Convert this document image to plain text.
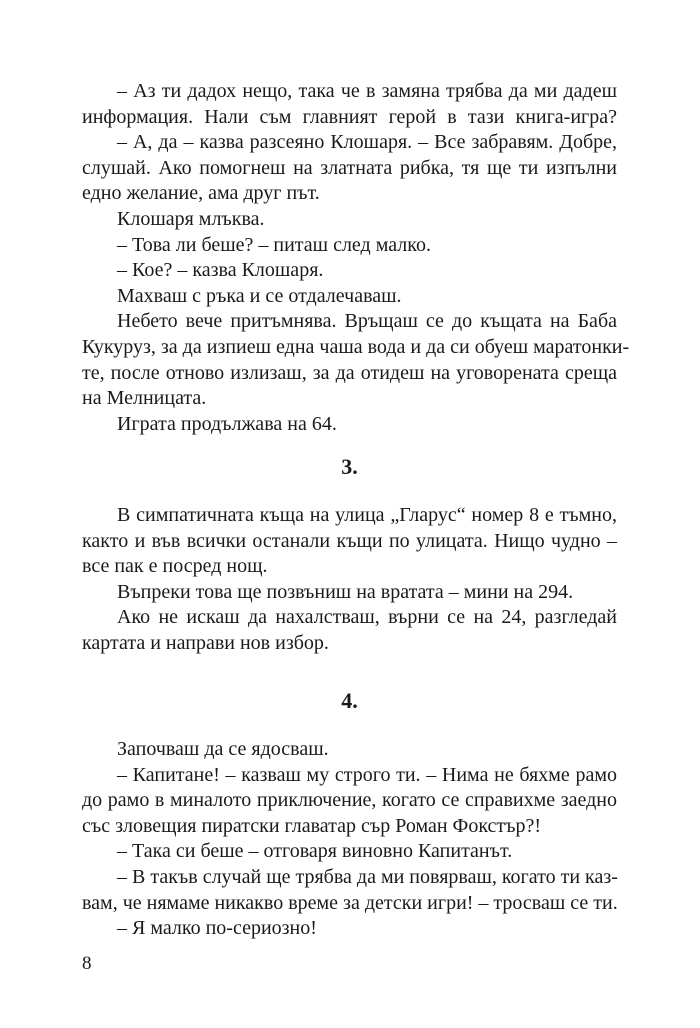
– Аз ти дадох нещо, така че в замяна трябва да ми дадеш
информация. Нали съм главният герой в тази книга-игра?
– А, да – казва разсеяно Клошаря. – Все забравям. Добре,
слушай. Ако помогнеш на златната рибка, тя ще ти изпълни
едно желание, ама друг път.
Клошаря млъква.
– Това ли беше? – питаш след малко.
– Кое? – казва Клошаря.
Махваш с ръка и се отдалечаваш.
Небето вече притъмнява. Връщаш се до къщата на Баба
Кукуруз, за да изпиеш една чаша вода и да си обуеш маратонки-
те, после отново излизаш, за да отидеш на уговорената среща
на Мелницата.
Играта продължава на 64.
3.
В симпатичната къща на улица „Гларус“ номер 8 е тъмно,
както и във всички останали къщи по улицата. Нищо чудно –
все пак е посред нощ.
Въпреки това ще позвъниш на вратата – мини на 294.
Ако не искаш да нахалстваш, върни се на 24, разгледай
картата и направи нов избор.
4.
Започваш да се ядосваш.
– Капитане! – казваш му строго ти. – Нима не бяхме рамо
до рамо в миналото приключение, когато се справихме заедно
със зловещия пиратски главатар сър Роман Фокстър?!
– Така си беше – отговаря виновно Капитанът.
– В такъв случай ще трябва да ми повярваш, когато ти каз-
вам, че нямаме никакво време за детски игри! – тросваш се ти.
– Я малко по-сериозно!
8
